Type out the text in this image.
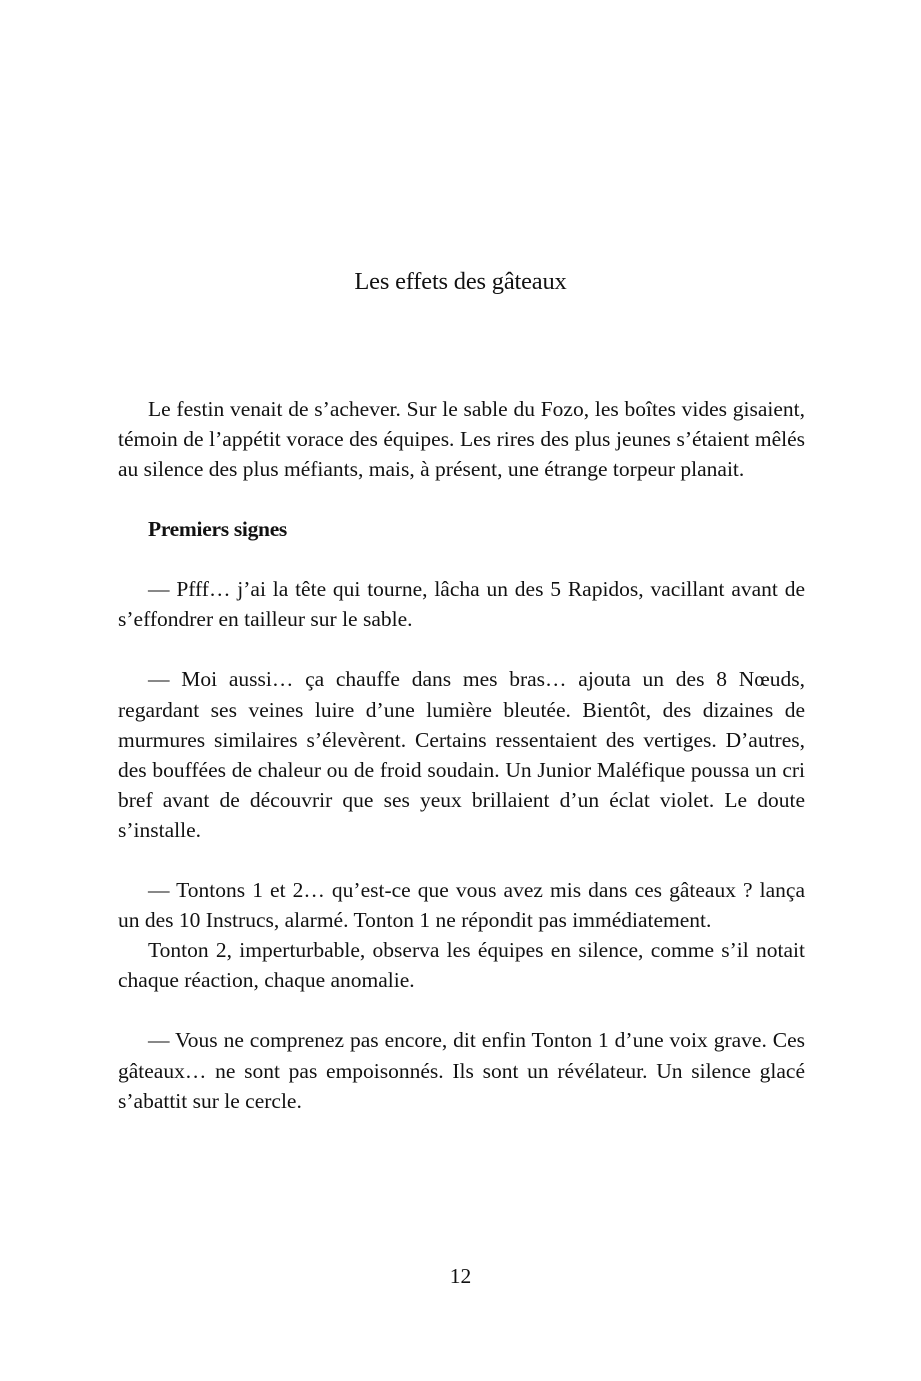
Les effets des gâteaux

Le festin venait de s’achever. Sur le sable du Fozo, les boîtes vides gisaient, témoin de l’appétit vorace des équipes. Les rires des plus jeunes s’étaient mêlés au silence des plus méfiants, mais, à présent, une étrange torpeur planait.

Premiers signes

— Pfff… j’ai la tête qui tourne, lâcha un des 5 Rapidos, vacillant avant de s’effondrer en tailleur sur le sable.

— Moi aussi… ça chauffe dans mes bras… ajouta un des 8 Nœuds, regardant ses veines luire d’une lumière bleutée. Bientôt, des dizaines de murmures similaires s’élevèrent. Certains ressentaient des vertiges. D’autres, des bouffées de chaleur ou de froid soudain. Un Junior Maléfique poussa un cri bref avant de découvrir que ses yeux brillaient d’un éclat violet. Le doute s’installe.

— Tontons 1 et 2… qu’est-ce que vous avez mis dans ces gâteaux ? lança un des 10 Instrucs, alarmé. Tonton 1 ne répondit pas immédiatement.

Tonton 2, imperturbable, observa les équipes en silence, comme s’il notait chaque réaction, chaque anomalie.

— Vous ne comprenez pas encore, dit enfin Tonton 1 d’une voix grave. Ces gâteaux… ne sont pas empoisonnés. Ils sont un révélateur. Un silence glacé s’abattit sur le cercle.

12
